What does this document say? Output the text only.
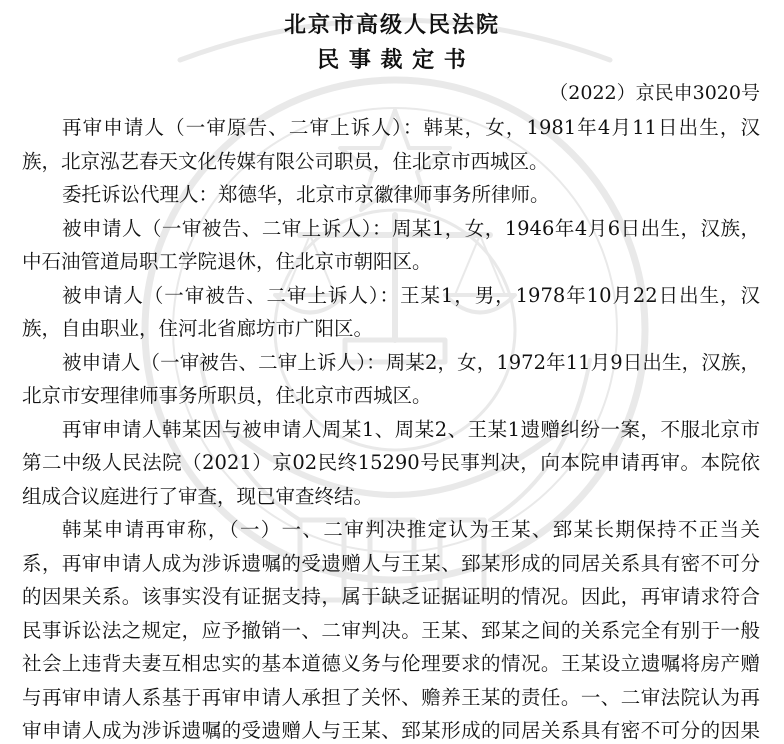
北京市高级人民法院
民 事 裁 定 书
（2022）京民申3020号
再审申请人（一审原告、二审上诉人）：韩某，女，1981年4月11日出生，汉
族，北京泓艺春天文化传媒有限公司职员，住北京市西城区。
委托诉讼代理人：郑德华，北京市京徽律师事务所律师。
被申请人（一审被告、二审上诉人）：周某1，女，1946年4月6日出生，汉族，
中石油管道局职工学院退休，住北京市朝阳区。
被申请人（一审被告、二审上诉人）：王某1，男，1978年10月22日出生，汉
族，自由职业，住河北省廊坊市广阳区。
被申请人（一审被告、二审上诉人）：周某2，女，1972年11月9日出生，汉族，
北京市安理律师事务所职员，住北京市西城区。
再审申请人韩某因与被申请人周某1、周某2、王某1遗赠纠纷一案，不服北京市
第二中级人民法院（2021）京02民终15290号民事判决，向本院申请再审。本院依
组成合议庭进行了审查，现已审查终结。
韩某申请再审称，（一）一、二审判决推定认为王某、郅某长期保持不正当关
系，再审申请人成为涉诉遗嘱的受遗赠人与王某、郅某形成的同居关系具有密不可分
的因果关系。该事实没有证据支持，属于缺乏证据证明的情况。因此，再审请求符合
民事诉讼法之规定，应予撤销一、二审判决。王某、郅某之间的关系完全有别于一般
社会上违背夫妻互相忠实的基本道德义务与伦理要求的情况。王某设立遗嘱将房产赠
与再审申请人系基于再审申请人承担了关怀、赡养王某的责任。一、二审法院认为再
审申请人成为涉诉遗嘱的受遗赠人与王某、郅某形成的同居关系具有密不可分的因果
